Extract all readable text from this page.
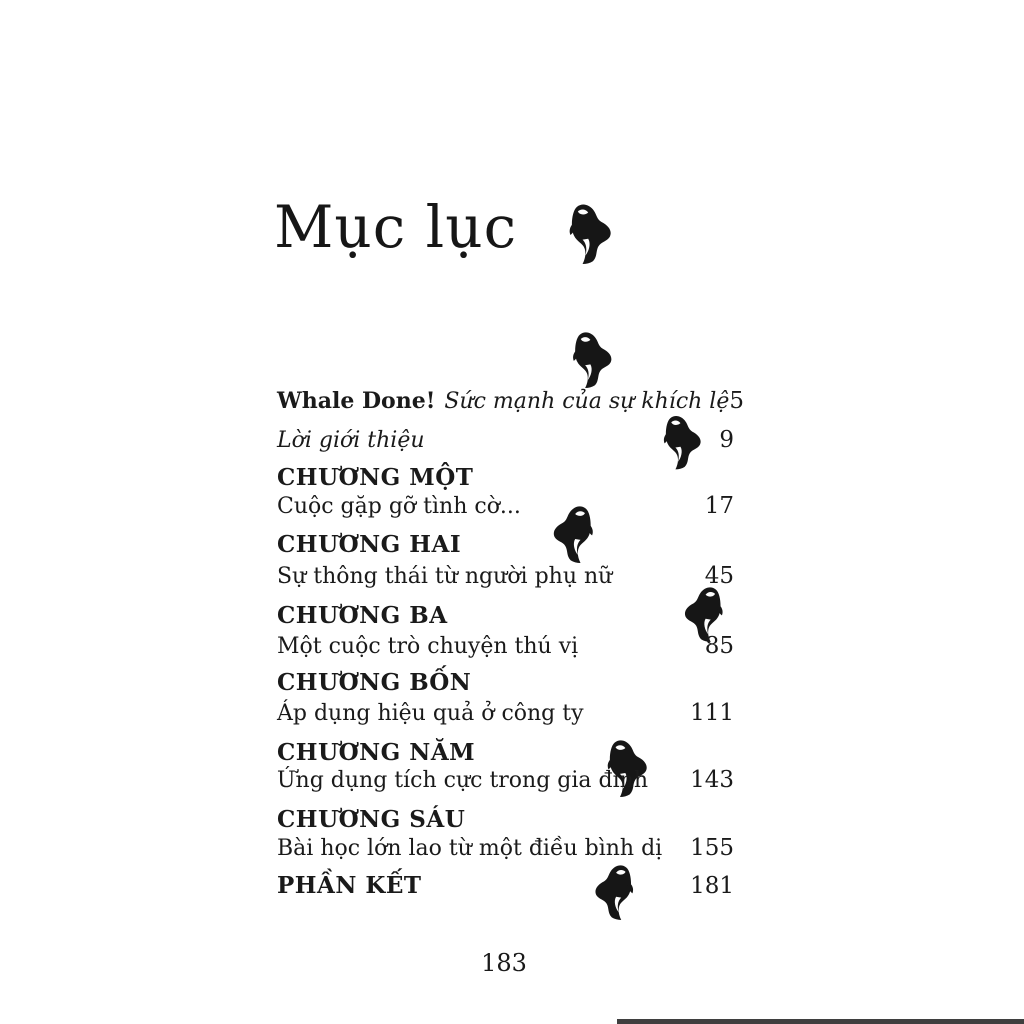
Mục lục
Whale Done! Sức mạnh của sự khích lệ 5
Lời giới thiệu	9
CHƯƠNG MỘT
Cuộc gặp gỡ tình cờ...	17
CHƯƠNG HAI
Sự thông thái từ người phụ nữ	45
CHƯƠNG BA
Một cuộc trò chuyện thú vị	85
CHƯƠNG BỐN
Áp dụng hiệu quả ở công ty	111
CHƯƠNG NĂM
Ứng dụng tích cực trong gia đình 143
CHƯƠNG SÁU
Bài học lớn lao từ một điều bình dị 155
PHẦN KẾT	181
183
